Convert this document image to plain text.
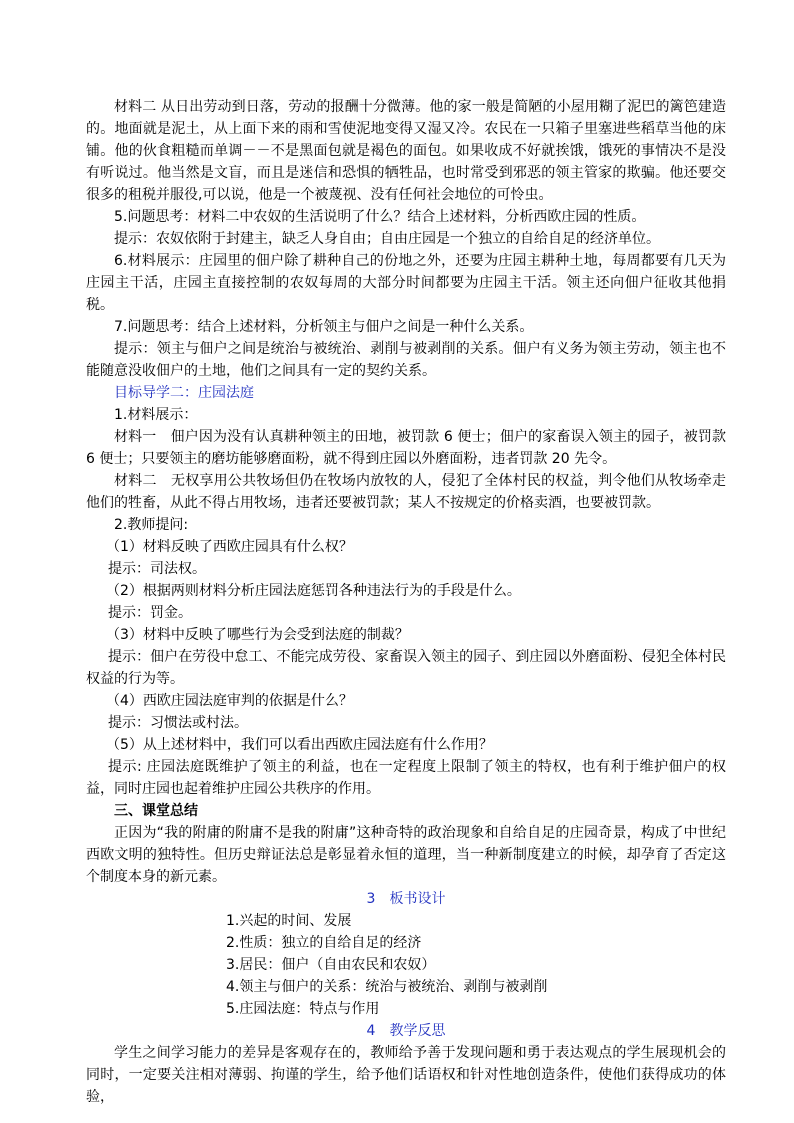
材料二 从日出劳动到日落，劳动的报酬十分微薄。他的家一般是简陋的小屋用糊了泥巴的篱笆建造的。地面就是泥土，从上面下来的雨和雪使泥地变得又湿又冷。农民在一只箱子里塞进些稻草当他的床铺。他的伙食粗糙而单调－－不是黑面包就是褐色的面包。如果收成不好就挨饿，饿死的事情决不是没有听说过。他当然是文盲，而且是迷信和恐惧的牺牲品，也时常受到邪恶的领主管家的欺骗。他还要交很多的租税并服役,可以说，他是一个被蔑视、没有任何社会地位的可怜虫。

5.问题思考：材料二中农奴的生活说明了什么？结合上述材料，分析西欧庄园的性质。

提示：农奴依附于封建主，缺乏人身自由；自由庄园是一个独立的自给自足的经济单位。

6.材料展示：庄园里的佃户除了耕种自己的份地之外，还要为庄园主耕种土地，每周都要有几天为庄园主干活，庄园主直接控制的农奴每周的大部分时间都要为庄园主干活。领主还向佃户征收其他捐税。

7.问题思考：结合上述材料，分析领主与佃户之间是一种什么关系。

提示：领主与佃户之间是统治与被统治、剥削与被剥削的关系。佃户有义务为领主劳动，领主也不能随意没收佃户的土地，他们之间具有一定的契约关系。

目标导学二：庄园法庭

1.材料展示：

材料一　佃户因为没有认真耕种领主的田地，被罚款 6 便士；佃户的家畜误入领主的园子，被罚款 6 便士；只要领主的磨坊能够磨面粉，就不得到庄园以外磨面粉，违者罚款 20 先令。

材料二　无权享用公共牧场但仍在牧场内放牧的人，侵犯了全体村民的权益，判令他们从牧场牵走他们的牲畜，从此不得占用牧场，违者还要被罚款；某人不按规定的价格卖酒，也要被罚款。

2.教师提问:

（1）材料反映了西欧庄园具有什么权？

提示：司法权。

（2）根据两则材料分析庄园法庭惩罚各种违法行为的手段是什么。

提示：罚金。

（3）材料中反映了哪些行为会受到法庭的制裁？

提示：佃户在劳役中怠工、不能完成劳役、家畜误入领主的园子、到庄园以外磨面粉、侵犯全体村民权益的行为等。

（4）西欧庄园法庭审判的依据是什么？

提示：习惯法或村法。

（5）从上述材料中，我们可以看出西欧庄园法庭有什么作用？

提示: 庄园法庭既维护了领主的利益，也在一定程度上限制了领主的特权，也有利于维护佃户的权益，同时庄园也起着维护庄园公共秩序的作用。

三、课堂总结

正因为“我的附庸的附庸不是我的附庸”这种奇特的政治现象和自给自足的庄园奇景，构成了中世纪西欧文明的独特性。但历史辩证法总是彰显着永恒的道理，当一种新制度建立的时候，却孕育了否定这个制度本身的新元素。

3　板书设计

1.兴起的时间、发展

2.性质：独立的自给自足的经济

3.居民：佃户（自由农民和农奴）

4.领主与佃户的关系：统治与被统治、剥削与被剥削

5.庄园法庭：特点与作用

4　教学反思

学生之间学习能力的差异是客观存在的，教师给予善于发现问题和勇于表达观点的学生展现机会的同时，一定要关注相对薄弱、拘谨的学生，给予他们话语权和针对性地创造条件，使他们获得成功的体验，
